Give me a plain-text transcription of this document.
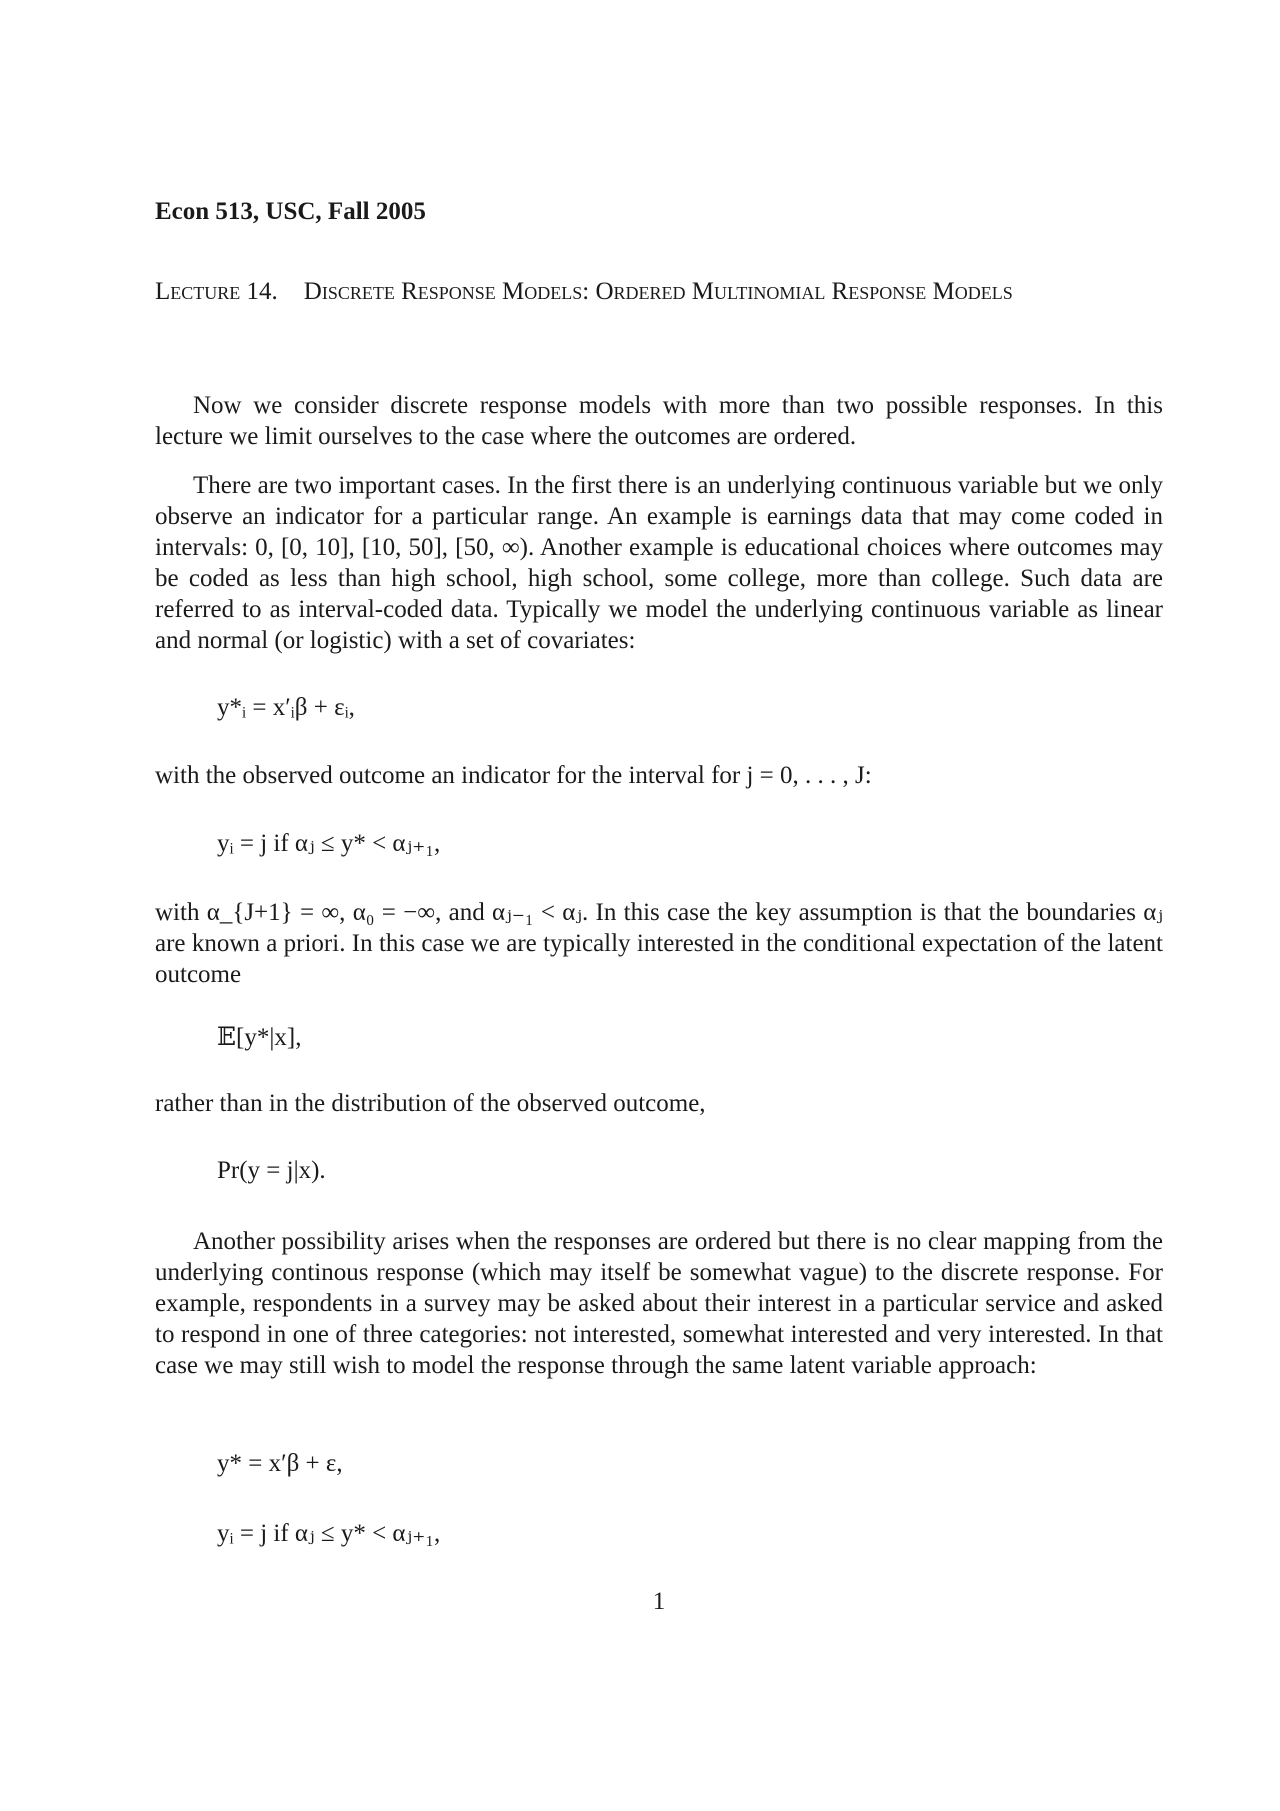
Econ 513, USC, Fall 2005
Lecture 14. Discrete Response Models: Ordered Multinomial Response Models

Now we consider discrete response models with more than two possible responses. In this lecture we limit ourselves to the case where the outcomes are ordered.

There are two important cases. In the first there is an underlying continuous variable but we only observe an indicator for a particular range. An example is earnings data that may come coded in intervals: 0, [0, 10], [10, 50], [50, ∞). Another example is educational choices where outcomes may be coded as less than high school, high school, some college, more than college. Such data are referred to as interval-coded data. Typically we model the underlying continuous variable as linear and normal (or logistic) with a set of covariates:

y*ᵢ = x′ᵢβ + εᵢ,

with the observed outcome an indicator for the interval for j = 0, . . . , J:

yᵢ = j if αⱼ ≤ y* < αⱼ₊₁,

with α_{J+1} = ∞, α₀ = −∞, and αⱼ₋₁ < αⱼ. In this case the key assumption is that the boundaries αⱼ are known a priori. In this case we are typically interested in the conditional expectation of the latent outcome

𝔼[y*|x],

rather than in the distribution of the observed outcome,

Pr(y = j|x).

Another possibility arises when the responses are ordered but there is no clear mapping from the underlying continous response (which may itself be somewhat vague) to the discrete response. For example, respondents in a survey may be asked about their interest in a particular service and asked to respond in one of three categories: not interested, somewhat interested and very interested. In that case we may still wish to model the response through the same latent variable approach:

y* = x′β + ε,
yᵢ = j if αⱼ ≤ y* < αⱼ₊₁,
1
